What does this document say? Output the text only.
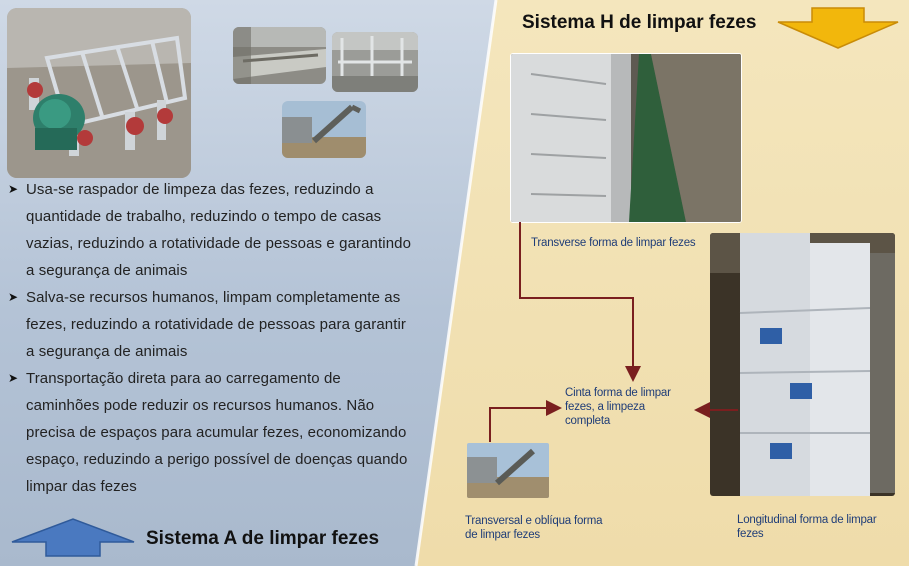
➤ Usa-se raspador de limpeza das fezes, reduzindo a quantidade de trabalho, reduzindo o tempo de casas vazias, reduzindo a rotatividade de pessoas e garantindo a segurança de animais
➤ Salva-se recursos humanos, limpam completamente as fezes, reduzindo a rotatividade de pessoas para garantir a segurança de animais
➤ Transportação direta para ao carregamento de caminhões pode reduzir os recursos humanos. Não precisa de espaços para acumular fezes, economizando espaço, reduzindo a perigo possível de doenças quando limpar das fezes
Sistema A de limpar fezes
Sistema H de limpar fezes
Transverse forma de limpar fezes
Cinta forma de limpar fezes, a limpeza completa
Transversal e oblíqua forma de limpar fezes
Longitudinal forma de limpar fezes
